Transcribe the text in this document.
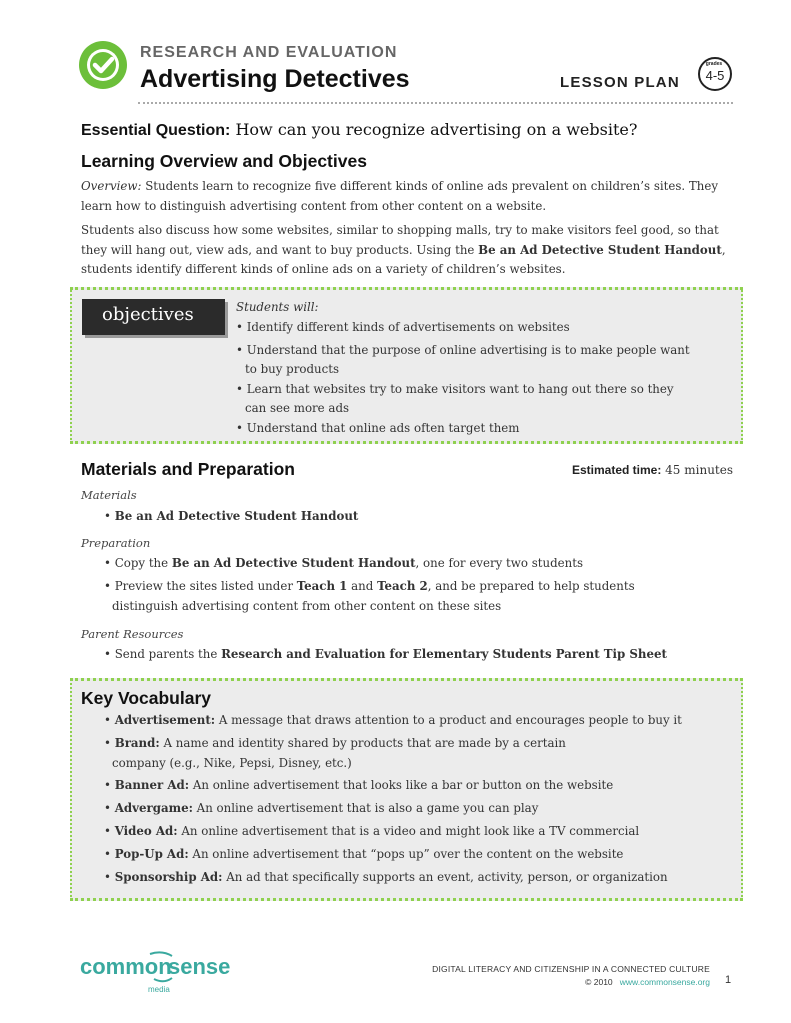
RESEARCH AND EVALUATION
Advertising Detectives	LESSON PLAN
grades
4-5
Essential Question: How can you recognize advertising on a website?
Learning Overview and Objectives
Overview: Students learn to recognize five different kinds of online ads prevalent on children’s sites. They learn how to distinguish advertising content from other content on a website.
Students also discuss how some websites, similar to shopping malls, try to make visitors feel good, so that they will hang out, view ads, and want to buy products. Using the Be an Ad Detective Student Handout, students identify different kinds of online ads on a variety of children’s websites.
objectives	Students will:
• Identify different kinds of advertisements on websites
• Understand that the purpose of online advertising is to make people want to buy products
• Learn that websites try to make visitors want to hang out there so they can see more ads
• Understand that online ads often target them
Materials and Preparation	Estimated time: 45 minutes
Materials
• Be an Ad Detective Student Handout
Preparation
• Copy the Be an Ad Detective Student Handout, one for every two students
• Preview the sites listed under Teach 1 and Teach 2, and be prepared to help students distinguish advertising content from other content on these sites
Parent Resources
• Send parents the Research and Evaluation for Elementary Students Parent Tip Sheet
Key Vocabulary
• Advertisement: A message that draws attention to a product and encourages people to buy it
• Brand: A name and identity shared by products that are made by a certain company (e.g., Nike, Pepsi, Disney, etc.)
• Banner Ad: An online advertisement that looks like a bar or button on the website
• Advergame: An online advertisement that is also a game you can play
• Video Ad: An online advertisement that is a video and might look like a TV commercial
• Pop-Up Ad: An online advertisement that “pops up” over the content on the website
• Sponsorship Ad: An ad that specifically supports an event, activity, person, or organization
common
sense
media
DIGITAL LITERACY AND CITIZENSHIP IN A CONNECTED CULTURE
© 2010 www.commonsense.org 1
